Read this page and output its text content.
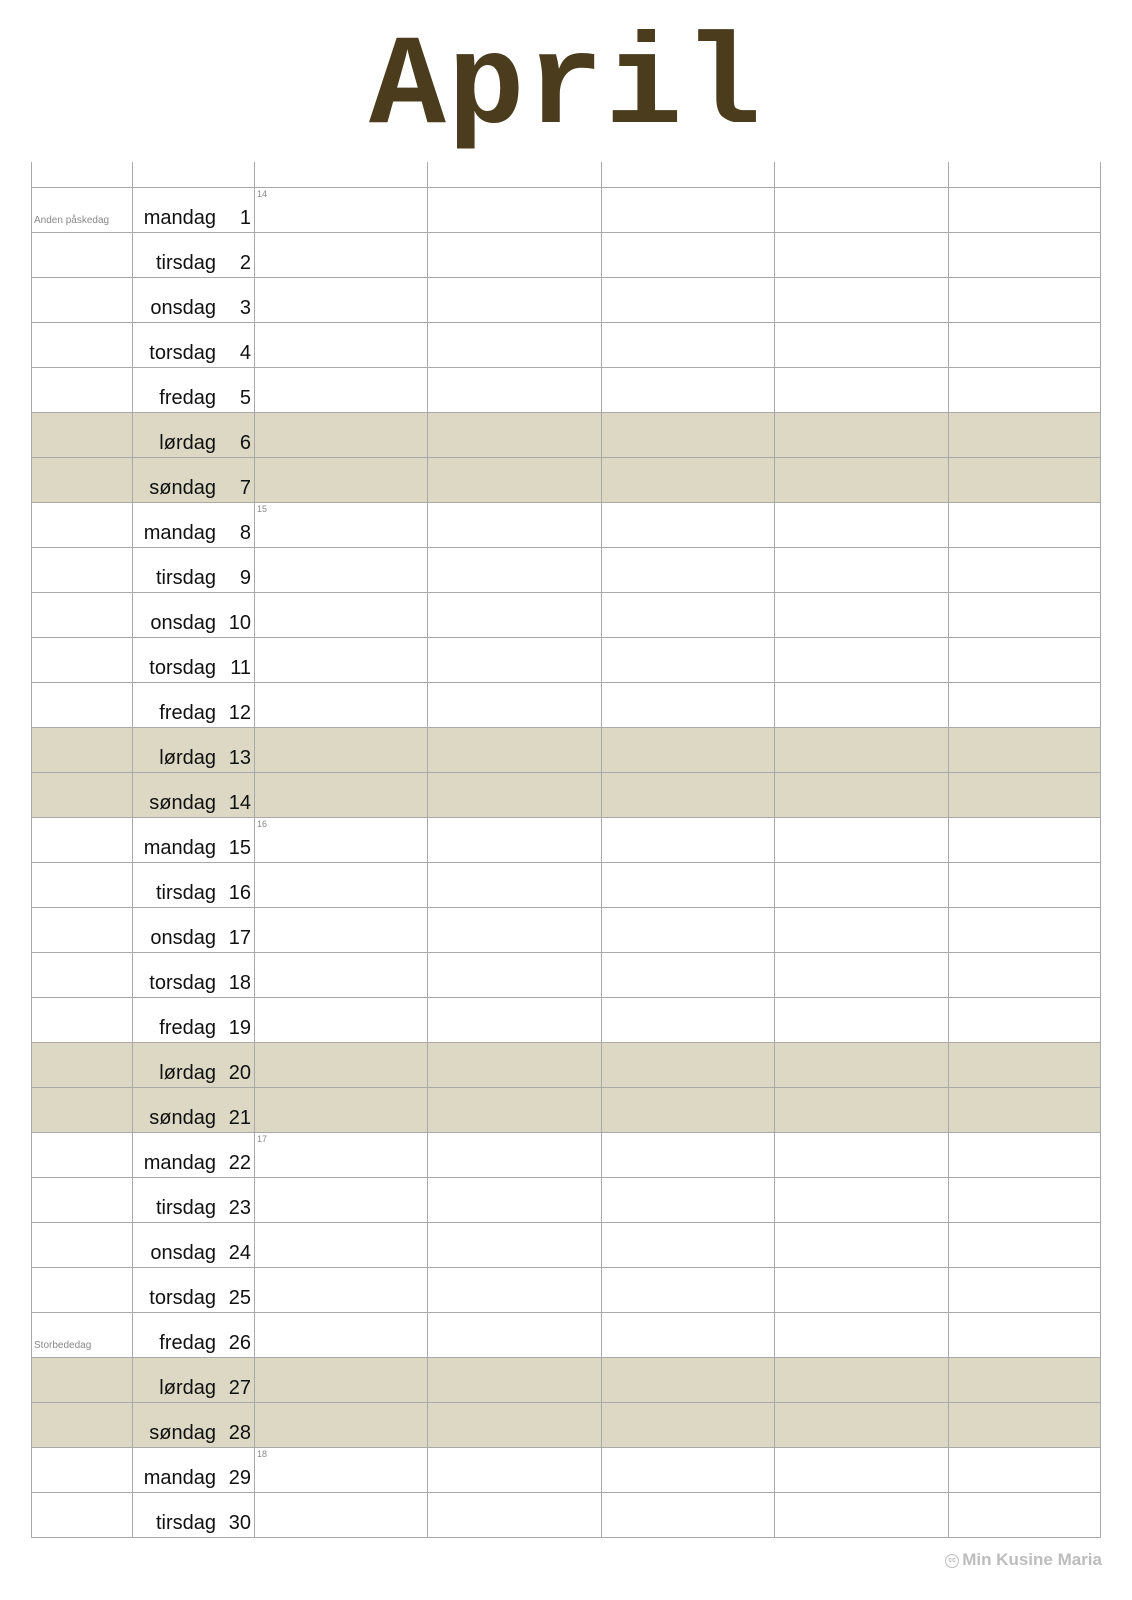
April
Anden påskedag mandag 1
14
tirsdag 2
onsdag 3
torsdag 4
fredag 5
lørdag 6
søndag 7
mandag 8
15
tirsdag 9
onsdag 10
torsdag 11
fredag 12
lørdag 13
søndag 14
mandag 15
16
tirsdag 16
onsdag 17
torsdag 18
fredag 19
lørdag 20
søndag 21
mandag 22
17
tirsdag 23
onsdag 24
torsdag 25
Storbededag	fredag 26
lørdag 27
søndag 28
mandag 29
18
tirsdag 30
cc Min Kusine Maria
